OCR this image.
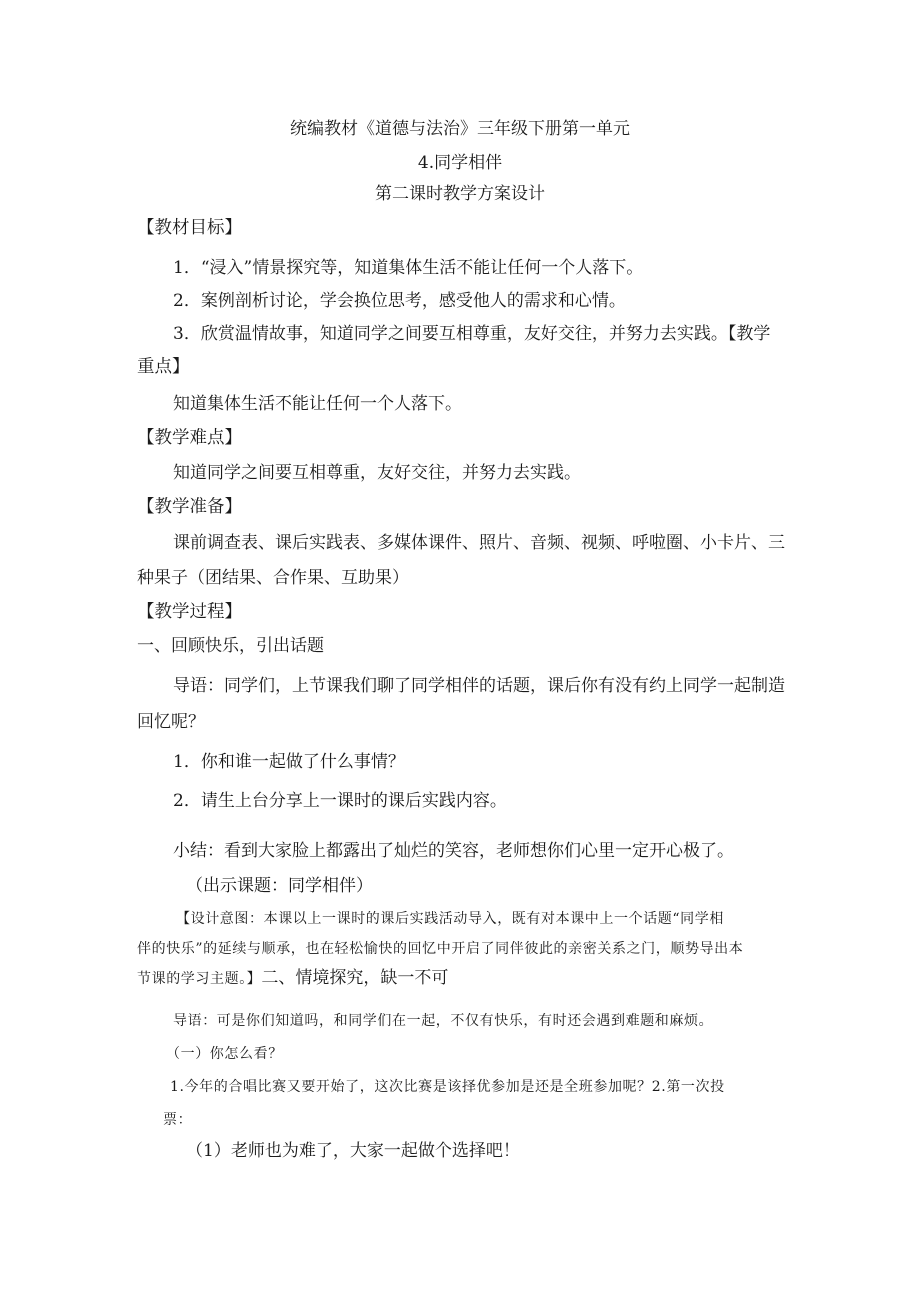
统编教材《道德与法治》三年级下册第一单元
4.同学相伴
第二课时教学方案设计
【教材目标】
1．“浸入”情景探究等，知道集体生活不能让任何一个人落下。
2．案例剖析讨论，学会换位思考，感受他人的需求和心情。
3．欣赏温情故事，知道同学之间要互相尊重，友好交往，并努力去实践。【教学
重点】
知道集体生活不能让任何一个人落下。
【教学难点】
知道同学之间要互相尊重，友好交往，并努力去实践。
【教学准备】
课前调查表、课后实践表、多媒体课件、照片、音频、视频、呼啦圈、小卡片、三
种果子（团结果、合作果、互助果）
【教学过程】
一、回顾快乐，引出话题
导语：同学们，上节课我们聊了同学相伴的话题，课后你有没有约上同学一起制造
回忆呢？
1．你和谁一起做了什么事情？
2．请生上台分享上一课时的课后实践内容。
小结：看到大家脸上都露出了灿烂的笑容，老师想你们心里一定开心极了。
（出示课题：同学相伴）
【设计意图：本课以上一课时的课后实践活动导入，既有对本课中上一个话题“同学相
伴的快乐”的延续与顺承，也在轻松愉快的回忆中开启了同伴彼此的亲密关系之门，顺势导出本
节课的学习主题。】二、情境探究，缺一不可
导语：可是你们知道吗，和同学们在一起，不仅有快乐，有时还会遇到难题和麻烦。
（一）你怎么看？
1.今年的合唱比赛又要开始了，这次比赛是该择优参加是还是全班参加呢？2.第一次投
票：
（1）老师也为难了，大家一起做个选择吧！
